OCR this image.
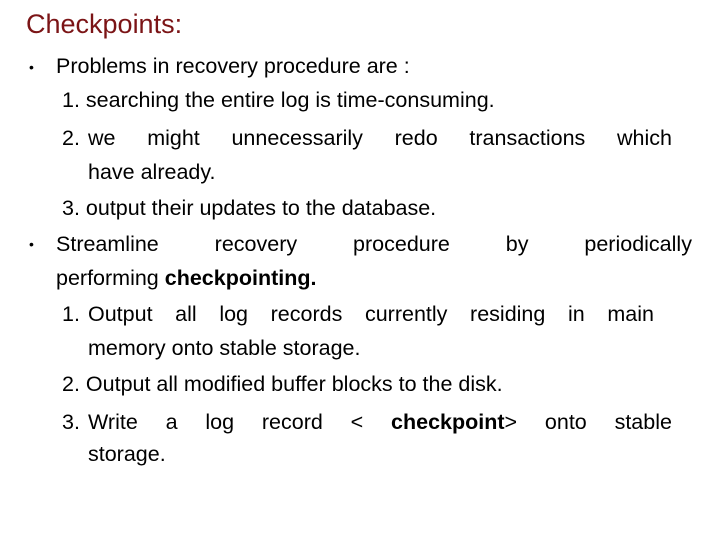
Checkpoints:
• Problems in recovery procedure are :
1. searching the entire log is time-consuming.
2. we might unnecessarily redo transactions which
have already.
3. output their updates to the database.
• Streamline	recovery	procedure	by	periodically
performing checkpointing.
1. Output all log records currently residing in main
memory onto stable storage.
2. Output all modified buffer blocks to the disk.
3. Write a log record < checkpoint> onto stable
storage.
